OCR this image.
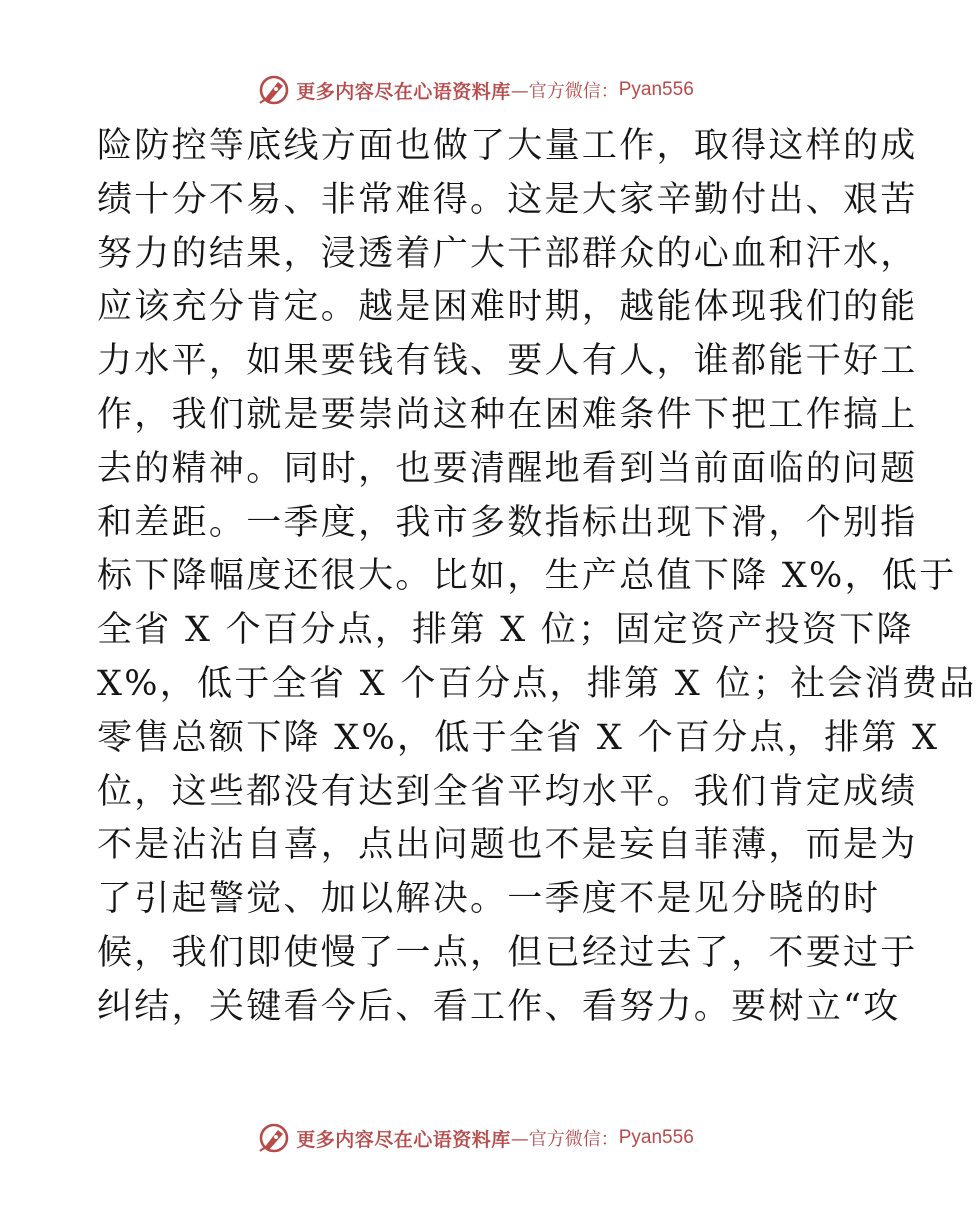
更多内容尽在心语资料库 —官方微信： Pyan556
险防控等底线方面也做了大量工作，取得这样的成
绩十分不易、非常难得。这是大家辛勤付出、艰苦
努力的结果，浸透着广大干部群众的心血和汗水，
应该充分肯定。越是困难时期，越能体现我们的能
力水平，如果要钱有钱、要人有人，谁都能干好工
作，我们就是要崇尚这种在困难条件下把工作搞上
去的精神。同时，也要清醒地看到当前面临的问题
和差距。一季度，我市多数指标出现下滑，个别指
标下降幅度还很大。比如，生产总值下降 X%，低于
全省 X 个百分点，排第 X 位；固定资产投资下降
X%，低于全省 X 个百分点，排第 X 位；社会消费品
零售总额下降 X%，低于全省 X 个百分点，排第 X
位，这些都没有达到全省平均水平。我们肯定成绩
不是沾沾自喜，点出问题也不是妄自菲薄，而是为
了引起警觉、加以解决。一季度不是见分晓的时
候，我们即使慢了一点，但已经过去了，不要过于
纠结，关键看今后、看工作、看努力。要树立“攻
更多内容尽在心语资料库 —官方微信： Pyan556
